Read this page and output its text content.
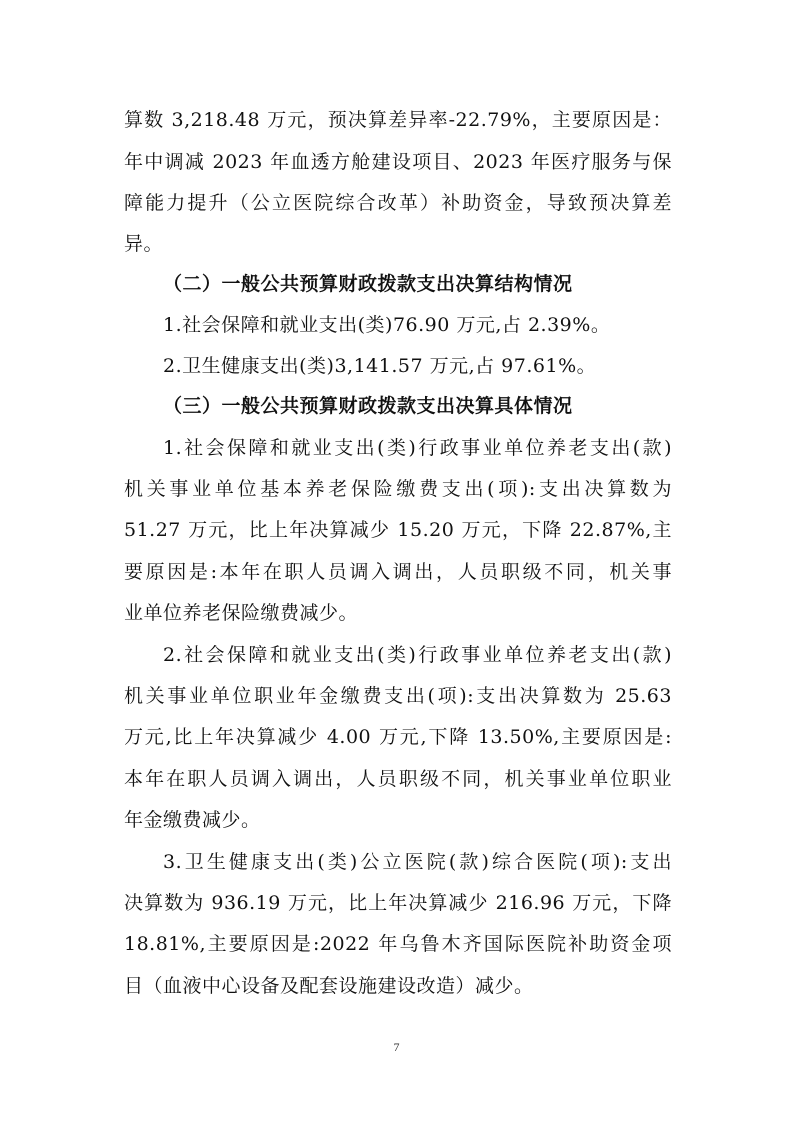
算数 3,218.48 万元，预决算差异率-22.79%，主要原因是：
年中调减 2023 年血透方舱建设项目、2023 年医疗服务与保
障能力提升（公立医院综合改革）补助资金，导致预决算差
异。
（二）一般公共预算财政拨款支出决算结构情况
1.社会保障和就业支出(类)76.90 万元,占 2.39%。
2.卫生健康支出(类)3,141.57 万元,占 97.61%。
（三）一般公共预算财政拨款支出决算具体情况
1.社会保障和就业支出(类)行政事业单位养老支出(款)
机关事业单位基本养老保险缴费支出(项):支出决算数为
51.27 万元，比上年决算减少 15.20 万元，下降 22.87%,主
要原因是:本年在职人员调入调出，人员职级不同，机关事
业单位养老保险缴费减少。
2.社会保障和就业支出(类)行政事业单位养老支出(款)
机关事业单位职业年金缴费支出(项):支出决算数为 25.63
万元,比上年决算减少 4.00 万元,下降 13.50%,主要原因是:
本年在职人员调入调出，人员职级不同，机关事业单位职业
年金缴费减少。
3.卫生健康支出(类)公立医院(款)综合医院(项):支出
决算数为 936.19 万元，比上年决算减少 216.96 万元，下降
18.81%,主要原因是:2022 年乌鲁木齐国际医院补助资金项
目（血液中心设备及配套设施建设改造）减少。
7
